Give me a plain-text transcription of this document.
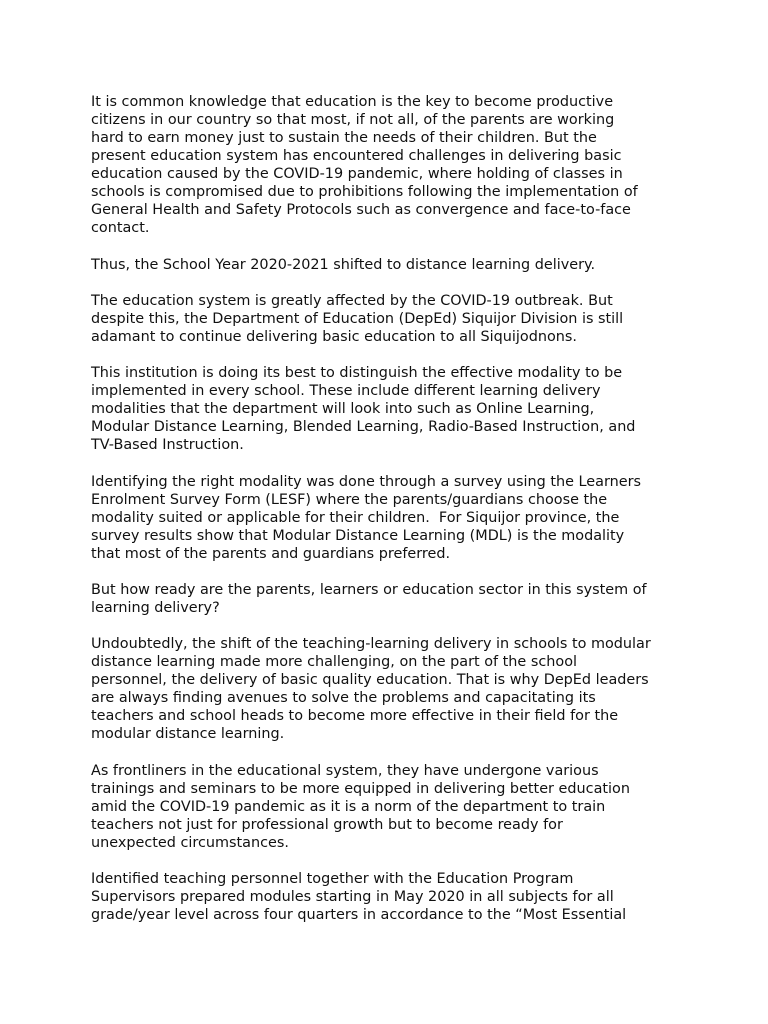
It is common knowledge that education is the key to become productive
citizens in our country so that most, if not all, of the parents are working
hard to earn money just to sustain the needs of their children. But the
present education system has encountered challenges in delivering basic
education caused by the COVID-19 pandemic, where holding of classes in
schools is compromised due to prohibitions following the implementation of
General Health and Safety Protocols such as convergence and face-to-face
contact.
Thus, the School Year 2020-2021 shifted to distance learning delivery.
The education system is greatly affected by the COVID-19 outbreak. But
despite this, the Department of Education (DepEd) Siquijor Division is still
adamant to continue delivering basic education to all Siquijodnons.
This institution is doing its best to distinguish the effective modality to be
implemented in every school. These include different learning delivery
modalities that the department will look into such as Online Learning,
Modular Distance Learning, Blended Learning, Radio-Based Instruction, and
TV-Based Instruction.
Identifying the right modality was done through a survey using the Learners
Enrolment Survey Form (LESF) where the parents/guardians choose the
modality suited or applicable for their children.  For Siquijor province, the
survey results show that Modular Distance Learning (MDL) is the modality
that most of the parents and guardians preferred.
But how ready are the parents, learners or education sector in this system of
learning delivery?
Undoubtedly, the shift of the teaching-learning delivery in schools to modular
distance learning made more challenging, on the part of the school
personnel, the delivery of basic quality education. That is why DepEd leaders
are always finding avenues to solve the problems and capacitating its
teachers and school heads to become more effective in their field for the
modular distance learning.
As frontliners in the educational system, they have undergone various
trainings and seminars to be more equipped in delivering better education
amid the COVID-19 pandemic as it is a norm of the department to train
teachers not just for professional growth but to become ready for
unexpected circumstances.
Identified teaching personnel together with the Education Program
Supervisors prepared modules starting in May 2020 in all subjects for all
grade/year level across four quarters in accordance to the “Most Essential
